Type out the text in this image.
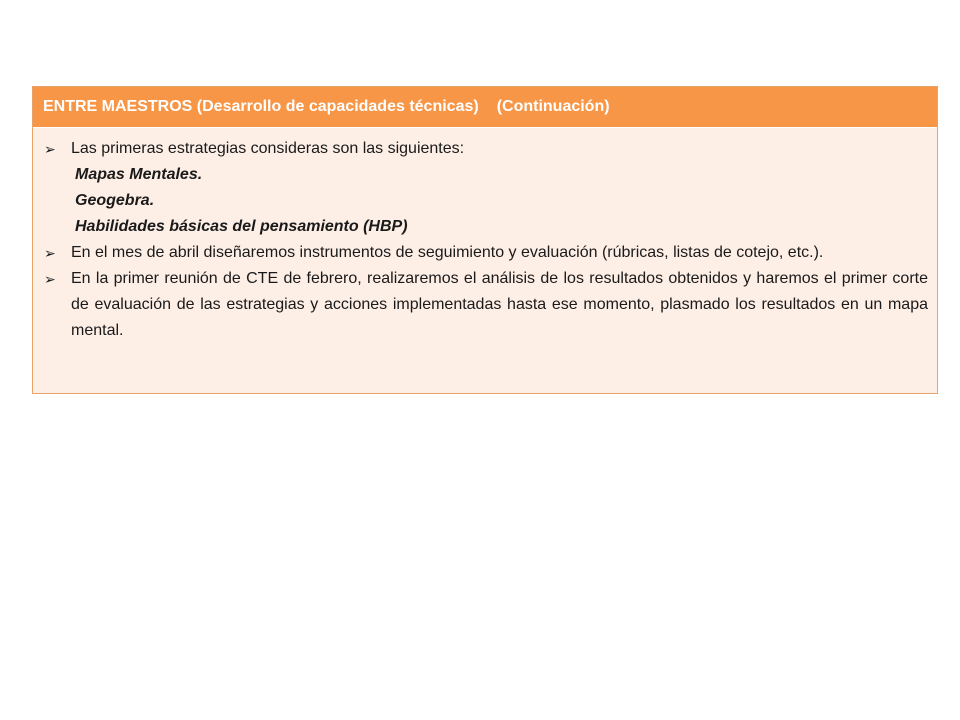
ENTRE MAESTROS (Desarrollo de capacidades técnicas) (Continuación)
➢ Las primeras estrategias consideras son las siguientes:
Mapas Mentales.
Geogebra.
Habilidades básicas del pensamiento (HBP)
➢ En el mes de abril diseñaremos instrumentos de seguimiento y evaluación (rúbricas, listas de cotejo, etc.).
➢ En la primer reunión de CTE de febrero, realizaremos el análisis de los resultados obtenidos y haremos el primer corte de evaluación de las estrategias y acciones implementadas hasta ese momento, plasmado los resultados en un mapa mental.
